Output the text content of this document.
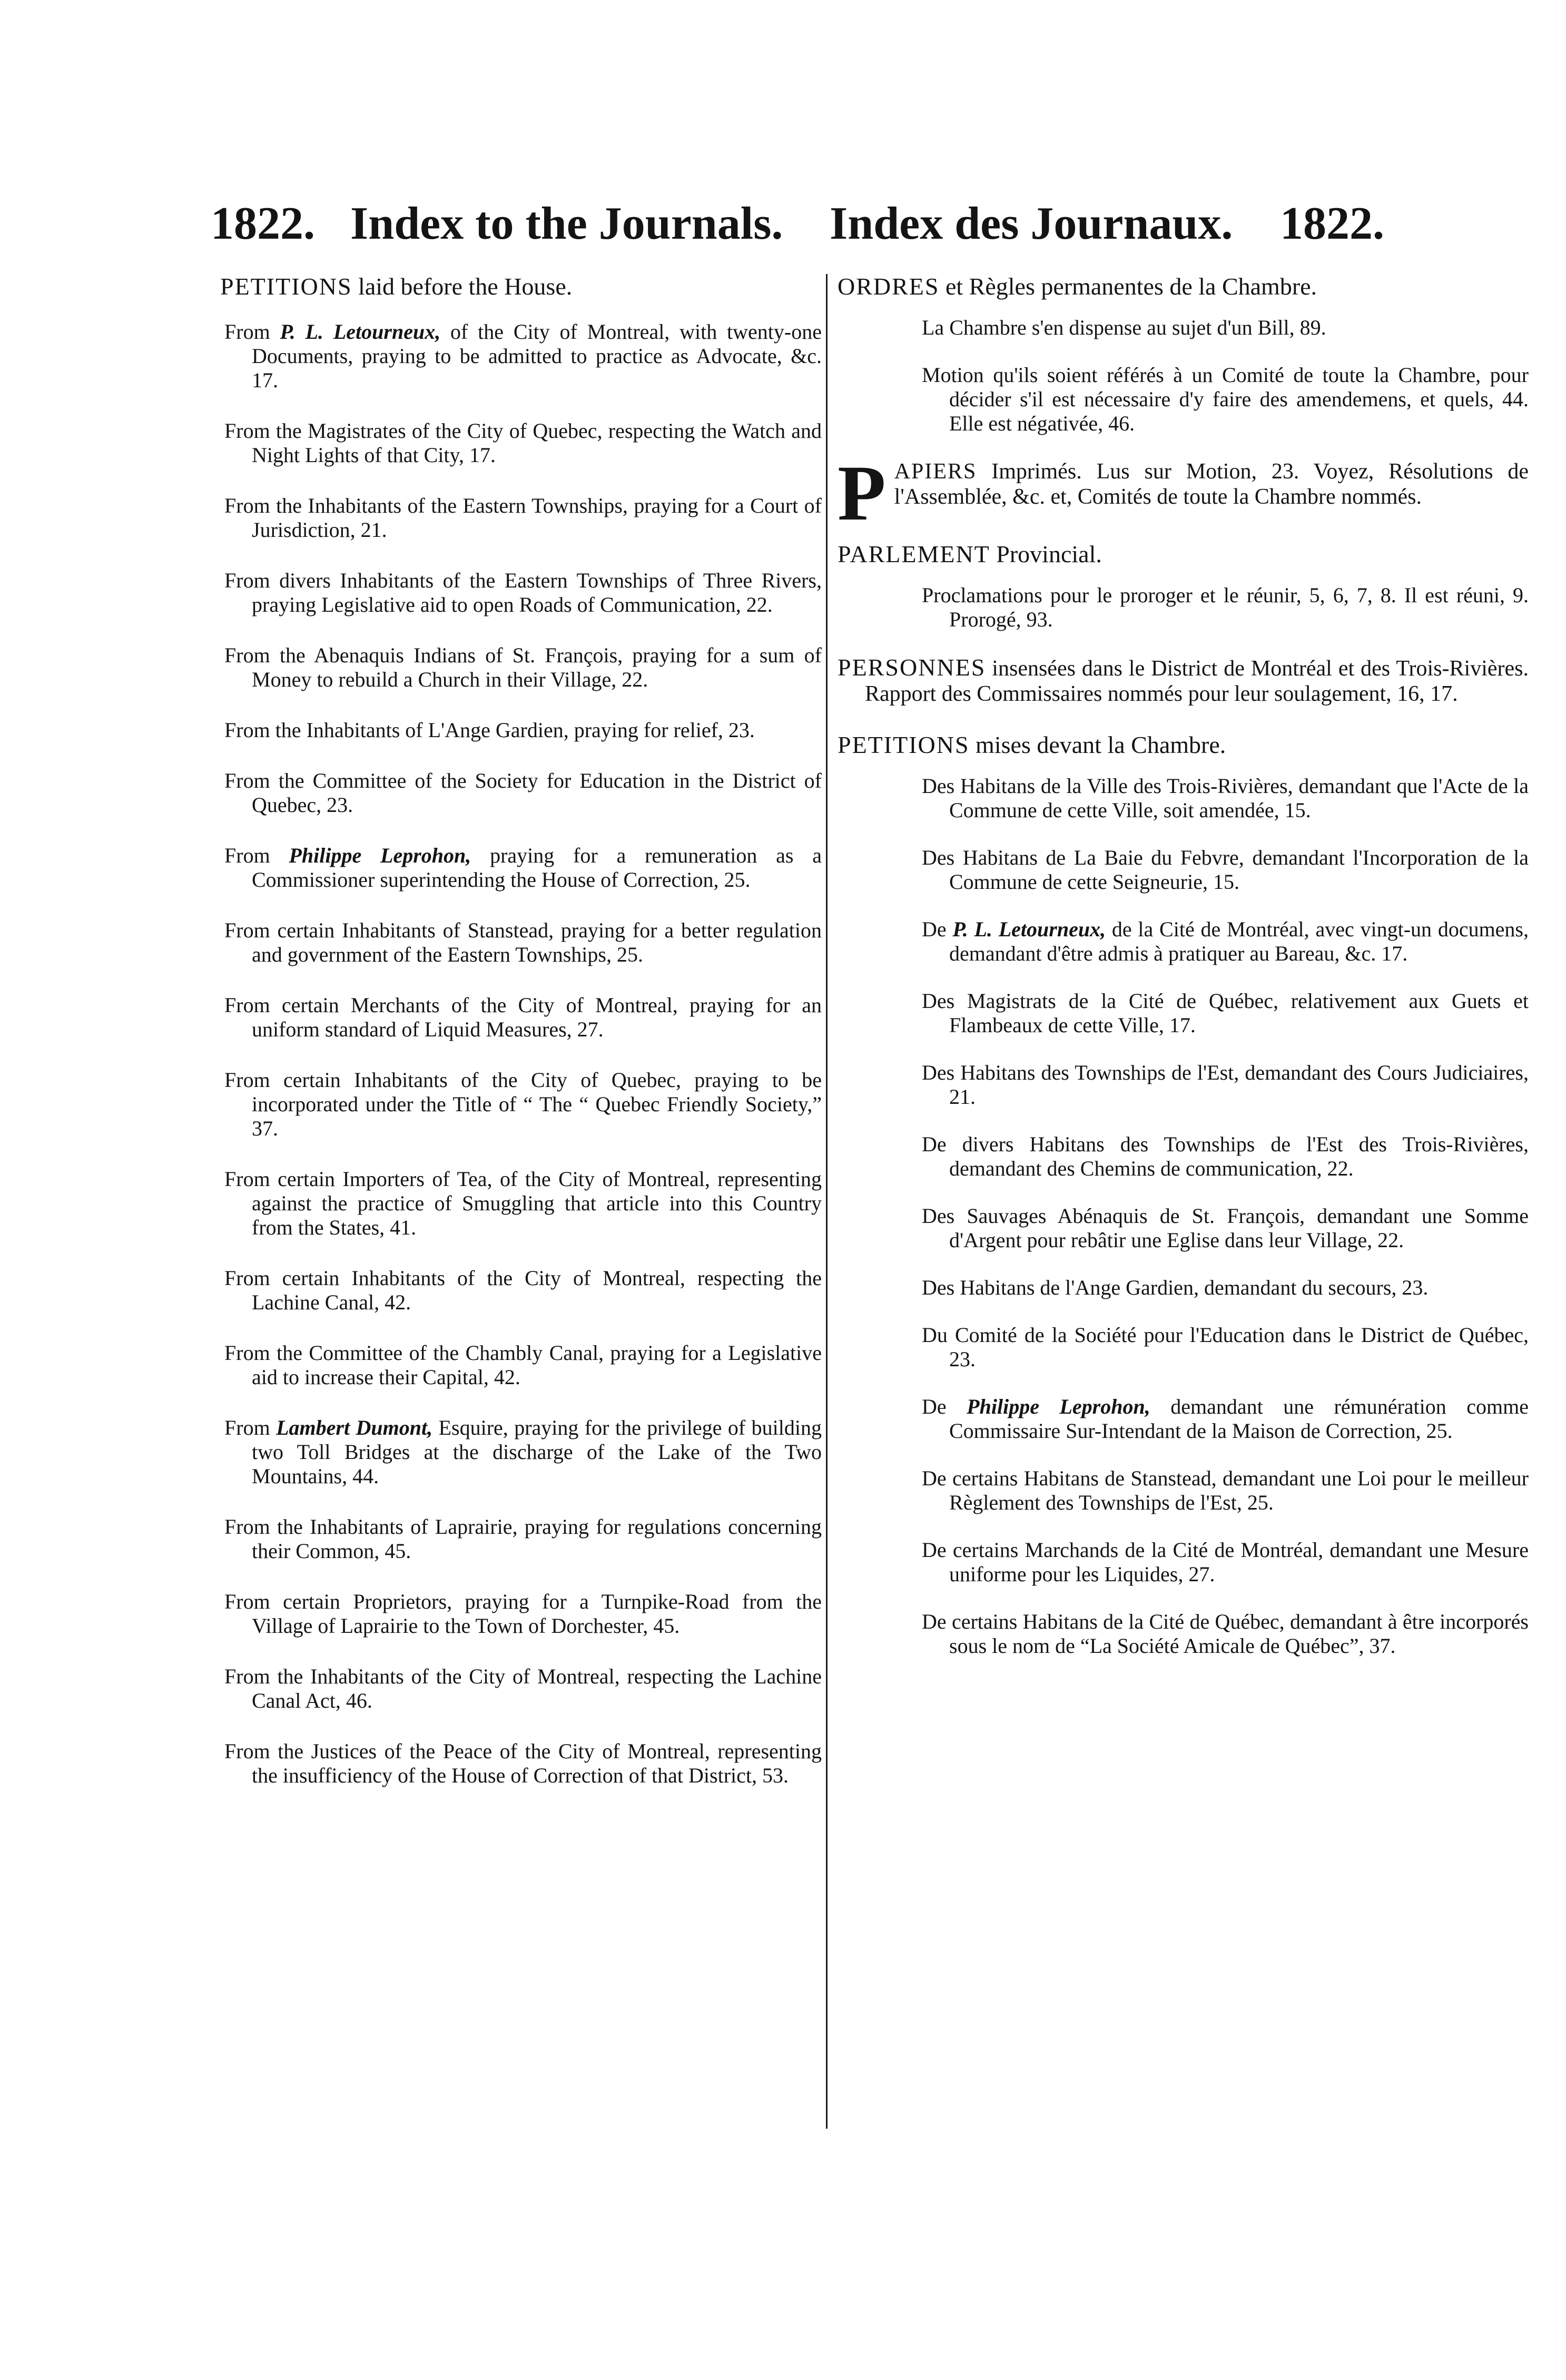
1822. Index to the Journals. Index des Journaux. 1822.
PETITIONS laid before the House.
From P. L. Letourneux, of the City of Montreal, with twenty-one Documents, praying to be admitted to practice as Advocate, &c. 17.
From the Magistrates of the City of Quebec, respecting the Watch and Night Lights of that City, 17.
From the Inhabitants of the Eastern Townships, praying for a Court of Jurisdiction, 21.
From divers Inhabitants of the Eastern Townships of Three Rivers, praying Legislative aid to open Roads of Communication, 22.
From the Abenaquis Indians of St. François, praying for a sum of Money to rebuild a Church in their Village, 22.
From the Inhabitants of L'Ange Gardien, praying for relief, 23.
From the Committee of the Society for Education in the District of Quebec, 23.
From Philippe Leprohon, praying for a remuneration as a Commissioner superintending the House of Correction, 25.
From certain Inhabitants of Stanstead, praying for a better regulation and government of the Eastern Townships, 25.
From certain Merchants of the City of Montreal, praying for an uniform standard of Liquid Measures, 27.
From certain Inhabitants of the City of Quebec, praying to be incorporated under the Title of “ The “ Quebec Friendly Society,” 37.
From certain Importers of Tea, of the City of Montreal, representing against the practice of Smuggling that article into this Country from the States, 41.
From certain Inhabitants of the City of Montreal, respecting the Lachine Canal, 42.
From the Committee of the Chambly Canal, praying for a Legislative aid to increase their Capital, 42.
From Lambert Dumont, Esquire, praying for the privilege of building two Toll Bridges at the discharge of the Lake of the Two Mountains, 44.
From the Inhabitants of Laprairie, praying for regulations concerning their Common, 45.
From certain Proprietors, praying for a Turnpike-Road from the Village of Laprairie to the Town of Dorchester, 45.
From the Inhabitants of the City of Montreal, respecting the Lachine Canal Act, 46.
From the Justices of the Peace of the City of Montreal, representing the insufficiency of the House of Correction of that District, 53.
ORDRES et Règles permanentes de la Chambre.
La Chambre s'en dispense au sujet d'un Bill, 89.
Motion qu'ils soient référés à un Comité de toute la Chambre, pour décider s'il est nécessaire d'y faire des amendemens, et quels, 44. Elle est négativée, 46.
PAPIERS Imprimés. Lus sur Motion, 23. Voyez, Résolutions de l'Assemblée, &c. et, Comités de toute la Chambre nommés.
PARLEMENT Provincial.
Proclamations pour le proroger et le réunir, 5, 6, 7, 8. Il est réuni, 9. Prorogé, 93.
PERSONNES insensées dans le District de Montréal et des Trois-Rivières. Rapport des Commissaires nommés pour leur soulagement, 16, 17.
PETITIONS mises devant la Chambre.
Des Habitans de la Ville des Trois-Rivières, demandant que l'Acte de la Commune de cette Ville, soit amendée, 15.
Des Habitans de La Baie du Febvre, demandant l'Incorporation de la Commune de cette Seigneurie, 15.
De P. L. Letourneux, de la Cité de Montréal, avec vingt-un documens, demandant d'être admis à pratiquer au Bareau, &c. 17.
Des Magistrats de la Cité de Québec, relativement aux Guets et Flambeaux de cette Ville, 17.
Des Habitans des Townships de l'Est, demandant des Cours Judiciaires, 21.
De divers Habitans des Townships de l'Est des Trois-Rivières, demandant des Chemins de communication, 22.
Des Sauvages Abénaquis de St. François, demandant une Somme d'Argent pour rebâtir une Eglise dans leur Village, 22.
Des Habitans de l'Ange Gardien, demandant du secours, 23.
Du Comité de la Société pour l'Education dans le District de Québec, 23.
De Philippe Leprohon, demandant une rémunération comme Commissaire Sur-Intendant de la Maison de Correction, 25.
De certains Habitans de Stanstead, demandant une Loi pour le meilleur Règlement des Townships de l'Est, 25.
De certains Marchands de la Cité de Montréal, demandant une Mesure uniforme pour les Liquides, 27.
De certains Habitans de la Cité de Québec, demandant à être incorporés sous le nom de “La Société Amicale de Québec”, 37.
